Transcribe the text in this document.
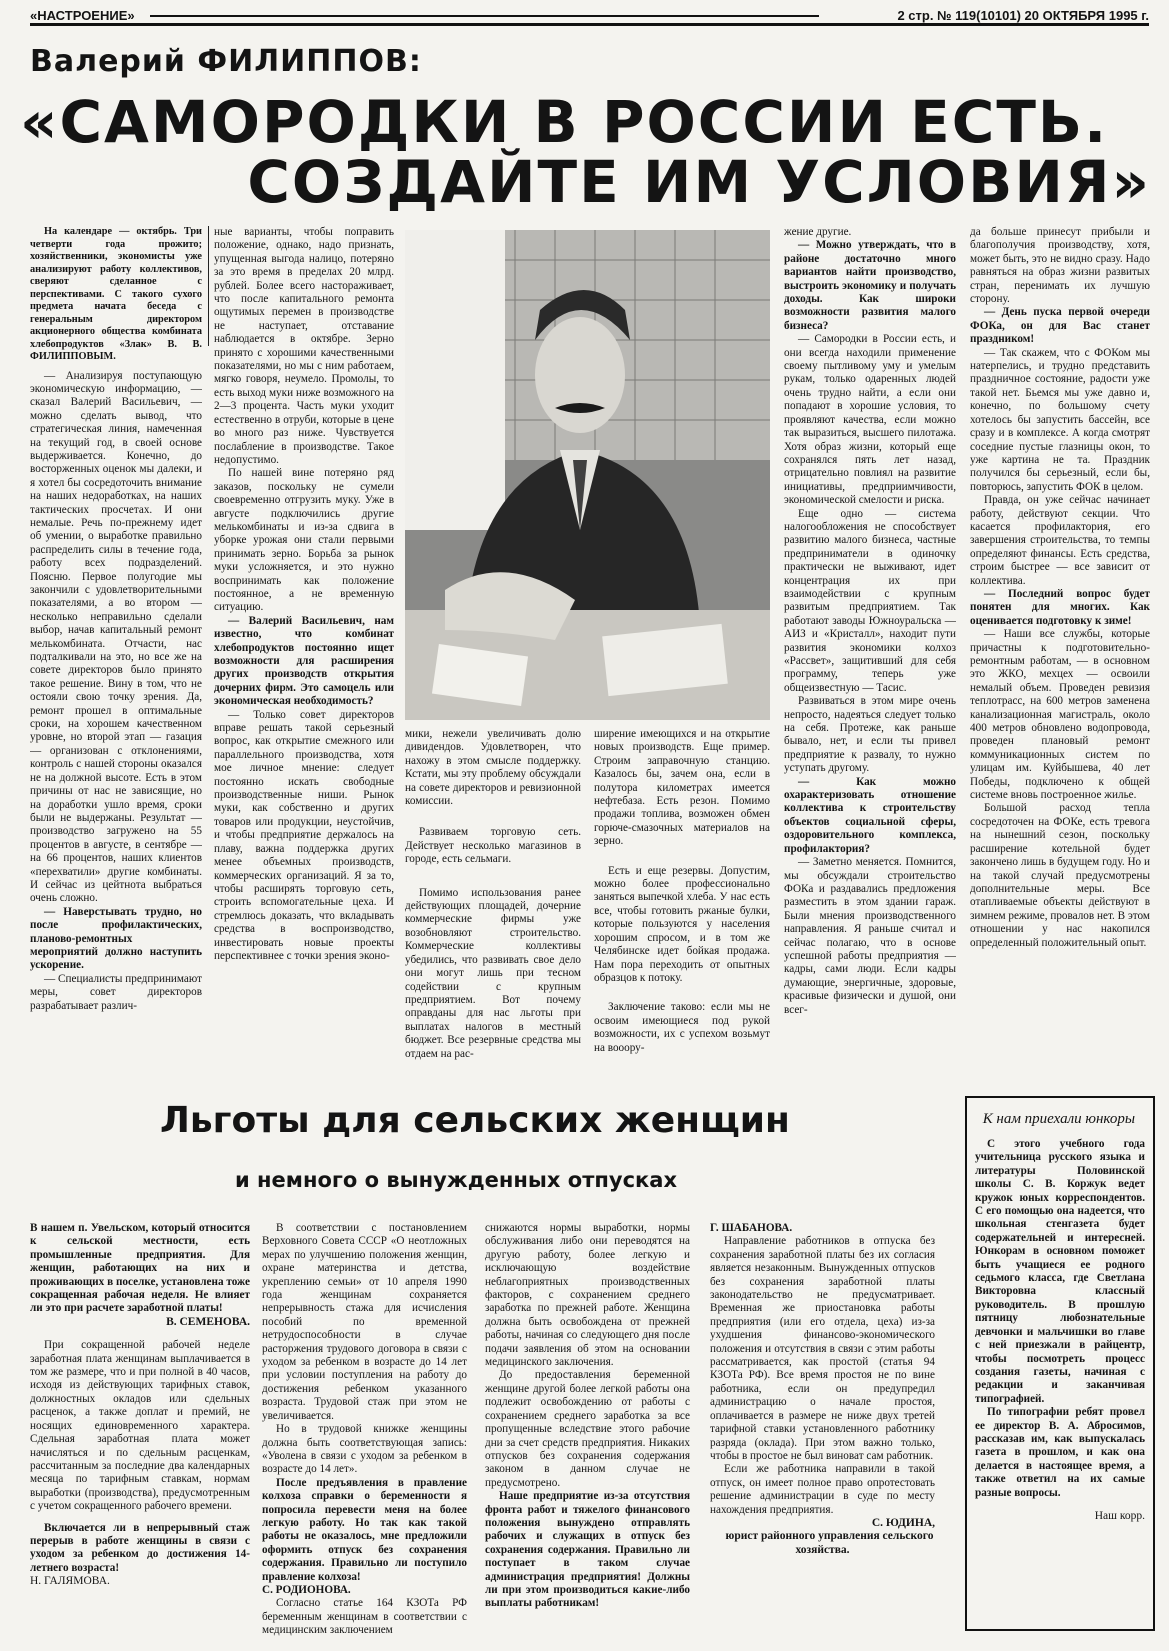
«НАСТРОЕНИЕ»	2 стр. № 119(10101) 20 ОКТЯБРЯ 1995 г.
Валерий ФИЛИППОВ:
«САМОРОДКИ В РОССИИ ЕСТЬ.
СОЗДАЙТЕ ИМ УСЛОВИЯ»

На календаре — октябрь. Три четверти года прожито; хозяйственники, экономисты уже анализируют работу коллективов, сверяют сделанное с перспективами. С такого сухого предмета начата беседа с генеральным директором акционерного общества комбината хлебопродуктов «Злак» В. В. ФИЛИППОВЫМ.

— Анализируя поступающую экономическую информацию, — сказал Валерий Васильевич, — можно сделать вывод, что стратегическая линия, намеченная на текущий год, в своей основе выдерживается. Конечно, до восторженных оценок мы далеки, и я хотел бы сосредоточить внимание на наших недоработках, на наших тактических просчетах. И они немалые. Речь по-прежнему идет об умении, о выработке правильно распределить силы в течение года, работу всех подразделений. Поясню. Первое полугодие мы закончили с удовлетворительными показателями, а во втором — несколько неправильно сделали выбор, начав капитальный ремонт мелькомбината. Отчасти, нас подталкивали на это, но все же на совете директоров было принято такое решение. Вину в том, что не остояли свою точку зрения. Да, ремонт прошел в оптимальные сроки, на хорошем качественном уровне, но второй этап — газация — организован с отклонениями, контроль с нашей стороны оказался не на должной высоте. Есть в этом причины от нас не зависящие, но на доработки ушло время, сроки были не выдержаны. Результат — производство загружено на 55 процентов в августе, в сентябре — на 66 процентов, наших клиентов «перехватили» другие комбинаты. И сейчас из цейтнота выбраться очень сложно.

— Наверстывать трудно, но после профилактических, планово-ремонтных мероприятий должно наступить ускорение.

— Специалисты предпринимают меры, совет директоров разрабатывает различ-

ные варианты, чтобы поправить положение, однако, надо признать, упущенная выгода налицо, потеряно за это время в пределах 20 млрд. рублей. Более всего настораживает, что после капитального ремонта ощутимых перемен в производстве не наступает, отставание наблюдается в октябре. Зерно принято с хорошими качественными показателями, но мы с ним работаем, мягко говоря, неумело. Промолы, то есть выход муки ниже возможного на 2—3 процента. Часть муки уходит естественно в отруби, которые в цене во много раз ниже. Чувствуется послабление в производстве. Такое недопустимо.

По нашей вине потеряно ряд заказов, поскольку не сумели своевременно отгрузить муку. Уже в августе подключились другие мелькомбинаты и из-за сдвига в уборке урожая они стали первыми принимать зерно. Борьба за рынок муки усложняется, и это нужно воспринимать как положение постоянное, а не временную ситуацию.

— Валерий Васильевич, нам известно, что комбинат хлебопродуктов постоянно ищет возможности для расширения других производств открытия дочерних фирм. Это самоцель или экономическая необходимость?

— Только совет директоров вправе решать такой серьезный вопрос, как открытие смежного или параллельного производства, хотя мое личное мнение: следует постоянно искать свободные производственные ниши. Рынок муки, как собственно и других товаров или продукции, неустойчив, и чтобы предприятие держалось на плаву, важна поддержка других менее объемных производств, коммерческих организаций. Я за то, чтобы расширять торговую сеть, строить вспомогательные цеха. И стремлюсь доказать, что вкладывать средства в воспроизводство, инвестировать новые проекты перспективнее с точки зрения эконо-

мики, нежели увеличивать долю дивидендов. Удовлетворен, что нахожу в этом смысле поддержку. Кстати, мы эту проблему обсуждали на совете директоров и ревизионной комиссии.

Развиваем торговую сеть. Действует несколько магазинов в городе, есть сельмаги.

Помимо использования ранее действующих площадей, дочерние коммерческие фирмы уже возобновляют строительство. Коммерческие коллективы убедились, что развивать свое дело они могут лишь при тесном содействии с крупным предприятием. Вот почему оправданы для нас льготы при выплатах налогов в местный бюджет. Все резервные средства мы отдаем на рас-

ширение имеющихся и на открытие новых производств. Еще пример. Строим заправочную станцию. Казалось бы, зачем она, если в полутора километрах имеется нефтебаза. Есть резон. Помимо продажи топлива, возможен обмен горюче-смазочных материалов на зерно.

Есть и еще резервы. Допустим, можно более профессионально заняться выпечкой хлеба. У нас есть все, чтобы готовить ржаные булки, которые пользуются у населения хорошим спросом, и в том же Челябинске идет бойкая продажа. Нам пора переходить от опытных образцов к потоку.

Заключение таково: если мы не освоим имеющиеся под рукой возможности, их с успехом возьмут на вооору-

жение другие.

— Можно утверждать, что в районе достаточно много вариантов найти производство, выстроить экономику и получать доходы. Как широки возможности развития малого бизнеса?

— Самородки в России есть, и они всегда находили применение своему пытливому уму и умелым рукам, только одаренных людей очень трудно найти, а если они попадают в хорошие условия, то проявляют качества, если можно так выразиться, высшего пилотажа. Хотя образ жизни, который еще сохранялся пять лет назад, отрицательно повлиял на развитие инициативы, предприимчивости, экономической смелости и риска.

Еще одно — система налогообложения не способствует развитию малого бизнеса, частные предприниматели в одиночку практически не выживают, идет концентрация их при взаимодействии с крупным развитым предприятием. Так работают заводы Южноуральска — АИЗ и «Кристалл», находит пути развития экономики колхоз «Рассвет», защитивший для себя программу, теперь уже общеизвестную — Тасис.

Развиваться в этом мире очень непросто, надеяться следует только на себя. Протеже, как раньше бывало, нет, и если ты привел предприятие к развалу, то нужно уступать другому.

— Как можно охарактеризовать отношение коллектива к строительству объектов социальной сферы, оздоровительного комплекса, профилактория?

— Заметно меняется. Помнится, мы обсуждали строительство ФОКа и раздавались предложения разместить в этом здании гараж. Были мнения производственного направления. Я раньше считал и сейчас полагаю, что в основе успешной работы предприятия — кадры, сами люди. Если кадры думающие, энергичные, здоровые, красивые физически и душой, они всег-

да больше принесут прибыли и благополучия производству, хотя, может быть, это не видно сразу. Надо равняться на образ жизни развитых стран, перенимать их лучшую сторону.

— День пуска первой очереди ФОКа, он для Вас станет праздником!

— Так скажем, что с ФОКом мы натерпелись, и трудно представить праздничное состояние, радости уже такой нет. Бьемся мы уже давно и, конечно, по большому счету хотелось бы запустить бассейн, все сразу и в комплексе. А когда смотрят соседние пустые глазницы окон, то уже картина не та. Праздник получился бы серьезный, если бы, повторюсь, запустить ФОК в целом.

Правда, он уже сейчас начинает работу, действуют секции. Что касается профилактория, его завершения строительства, то темпы определяют финансы. Есть средства, строим быстрее — все зависит от коллектива.

— Последний вопрос будет понятен для многих. Как оценивается подготовку к зиме!

— Наши все службы, которые причастны к подготовительно-ремонтным работам, — в основном это ЖКО, мехцех — освоили немалый объем. Проведен ревизия теплотрасс, на 600 метров заменена канализационная магистраль, около 400 метров обновлено водопровода, проведен плановый ремонт коммуникационных систем по улицам им. Куйбышева, 40 лет Победы, подключено к общей системе вновь построенное жилье.

Большой расход тепла сосредоточен на ФОКе, есть тревога на нынешний сезон, поскольку расширение котельной будет закончено лишь в будущем году. Но и на такой случай предусмотрены дополнительные меры. Все отапливаемые объекты действуют в зимнем режиме, провалов нет. В этом отношении у нас накопился определенный положительный опыт.

Льготы для сельских женщин
и немного о вынужденных отпусках

В нашем п. Увельском, который относится к сельской местности, есть промышленные предприятия. Для женщин, работающих на них и проживающих в поселке, установлена тоже сокращенная рабочая неделя. Не влияет ли это при расчете заработной платы!

В. СЕМЕНОВА.

При сокращенной рабочей неделе заработная плата женщинам выплачивается в том же размере, что и при полной в 40 часов, исходя из действующих тарифных ставок, должностных окладов или сдельных расценок, а также доплат и премий, не носящих единовременного характера. Сдельная заработная плата может начисляться и по сдельным расценкам, рассчитанным за последние два календарных месяца по тарифным ставкам, нормам выработки (производства), предусмотренным с учетом сокращенного рабочего времени.

Включается ли в непрерывный стаж перерыв в работе женщины в связи с уходом за ребенком до достижения 14-летнего возраста!

Н. ГАЛЯМОВА.

В соответствии с постановлением Верховного Совета СССР «О неотложных мерах по улучшению положения женщин, охране материнства и детства, укреплению семьи» от 10 апреля 1990 года женщинам сохраняется непрерывность стажа для исчисления пособий по временной нетрудоспособности в случае расторжения трудового договора в связи с уходом за ребенком в возрасте до 14 лет при условии поступления на работу до достижения ребенком указанного возраста. Трудовой стаж при этом не увеличивается.

Но в трудовой книжке женщины должна быть соответствующая запись: «Уволена в связи с уходом за ребенком в возрасте до 14 лет».

После предъявления в правление колхоза справки о беременности я попросила перевести меня на более легкую работу. Но так как такой работы не оказалось, мне предложили оформить отпуск без сохранения содержания. Правильно ли поступило правление колхоза!

С. РОДИОНОВА.

Согласно статье 164 КЗОТа РФ беременным женщинам в соответствии с медицинским заключением

снижаются нормы выработки, нормы обслуживания либо они переводятся на другую работу, более легкую и исключающую воздействие неблагоприятных производственных факторов, с сохранением среднего заработка по прежней работе. Женщина должна быть освобождена от прежней работы, начиная со следующего дня после подачи заявления об этом на основании медицинского заключения.

До предоставления беременной женщине другой более легкой работы она подлежит освобождению от работы с сохранением среднего заработка за все пропущенные вследствие этого рабочие дни за счет средств предприятия. Никаких отпусков без сохранения содержания законом в данном случае не предусмотрено.

Наше предприятие из-за отсутствия фронта работ и тяжелого финансового положения вынуждено отправлять рабочих и служащих в отпуск без сохранения содержания. Правильно ли поступает в таком случае администрация предприятия! Должны ли при этом производиться какие-либо выплаты работникам!

Г. ШАБАНОВА.

Направление работников в отпуска без сохранения заработной платы без их согласия является незаконным. Вынужденных отпусков без сохранения заработной платы законодательство не предусматривает. Временная же приостановка работы предприятия (или его отдела, цеха) из-за ухудшения финансово-экономического положения и отсутствия в связи с этим работы рассматривается, как простой (статья 94 КЗОТа РФ). Все время простоя не по вине работника, если он предупредил администрацию о начале простоя, оплачивается в размере не ниже двух третей тарифной ставки установленного работнику разряда (оклада). При этом важно только, чтобы в простое не был виноват сам работник.

Если же работника направили в такой отпуск, он имеет полное право опротестовать решение администрации в суде по месту нахождения предприятия.

С. ЮДИНА,

юрист районного управления сельского хозяйства.

К нам приехали юнкоры

С этого учебного года учительница русского языка и литературы Половинской школы С. В. Коржук ведет кружок юных корреспондентов. С его помощью она надеется, что школьная стенгазета будет содержательней и интересней. Юнкорам в основном поможет быть учащиеся ее родного седьмого класса, где Светлана Викторовна классный руководитель. В прошлую пятницу любознательные девчонки и мальчишки во главе с ней приезжали в райцентр, чтобы посмотреть процесс создания газеты, начиная с редакции и заканчивая типографией.

По типографии ребят провел ее директор В. А. Абросимов, рассказав им, как выпускалась газета в прошлом, и как она делается в настоящее время, а также ответил на их самые разные вопросы.

Наш корр.
